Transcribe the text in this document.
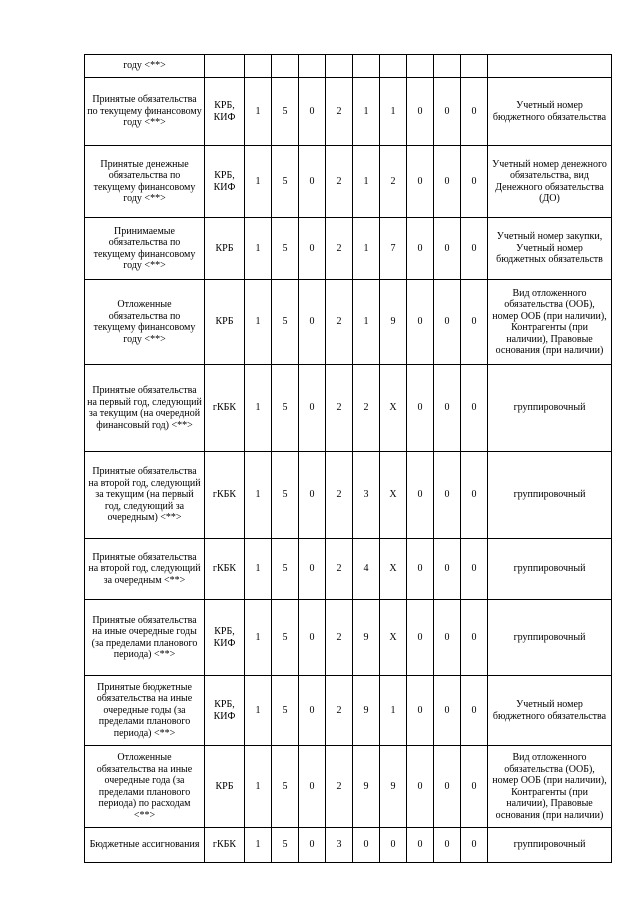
году <**>											
Принятые обязательства по текущему финансовому году <**>	КРБ, КИФ	1	5	0	2	1	1	0	0	0	Учетный номер бюджетного обязательства
Принятые денежные обязательства по текущему финансовому году <**>	КРБ, КИФ	1	5	0	2	1	2	0	0	0	Учетный номер денежного обязательства, вид Денежного обязательства (ДО)
Принимаемые обязательства по текущему финансовому году <**>	КРБ	1	5	0	2	1	7	0	0	0	Учетный номер закупки, Учетный номер бюджетных обязательств
Отложенные обязательства по текущему финансовому году <**>	КРБ	1	5	0	2	1	9	0	0	0	Вид отложенного обязательства (ООБ), номер ООБ (при наличии), Контрагенты (при наличии), Правовые основания (при наличии)
Принятые обязательства на первый год, следующий за текущим (на очередной финансовый год) <**>	гКБК	1	5	0	2	2	X	0	0	0	группировочный
Принятые обязательства на второй год, следующий за текущим (на первый год, следующий за очередным) <**>	гКБК	1	5	0	2	3	X	0	0	0	группировочный
Принятые обязательства на второй год, следующий за очередным <**>	гКБК	1	5	0	2	4	X	0	0	0	группировочный
Принятые обязательства на иные очередные годы (за пределами планового периода) <**>	КРБ, КИФ	1	5	0	2	9	X	0	0	0	группировочный
Принятые бюджетные обязательства на иные очередные годы (за пределами планового периода) <**>	КРБ, КИФ	1	5	0	2	9	1	0	0	0	Учетный номер бюджетного обязательства
Отложенные обязательства на иные очередные года (за пределами планового периода) по расходам <**>	КРБ	1	5	0	2	9	9	0	0	0	Вид отложенного обязательства (ООБ), номер ООБ (при наличии), Контрагенты (при наличии), Правовые основания (при наличии)
Бюджетные ассигнования	гКБК	1	5	0	3	0	0	0	0	0	группировочный
